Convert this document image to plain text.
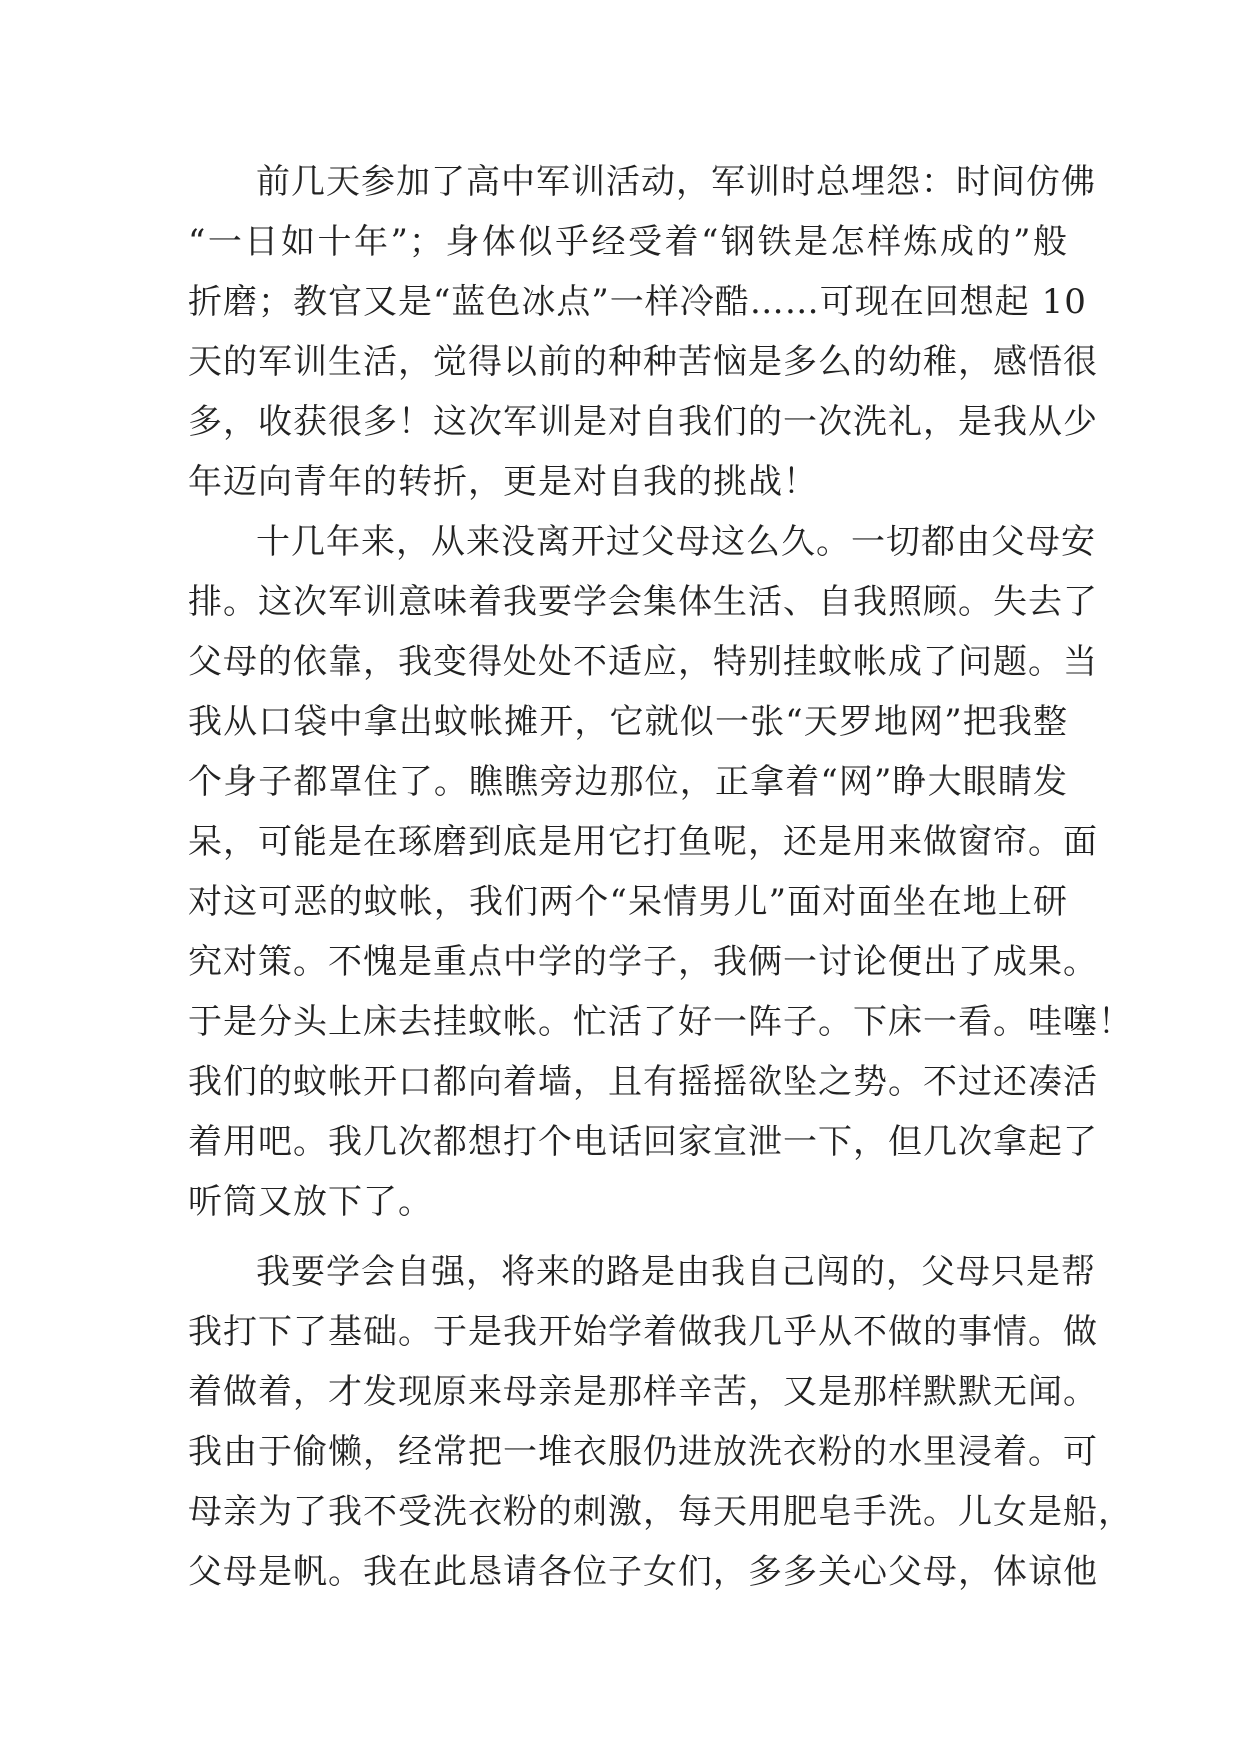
前几天参加了高中军训活动，军训时总埋怨：时间仿佛
“一日如十年”；身体似乎经受着“钢铁是怎样炼成的”般
折磨；教官又是“蓝色冰点”一样冷酷……可现在回想起 10
天的军训生活，觉得以前的种种苦恼是多么的幼稚，感悟很
多，收获很多！这次军训是对自我们的一次洗礼，是我从少
年迈向青年的转折，更是对自我的挑战！
十几年来，从来没离开过父母这么久。一切都由父母安
排。这次军训意味着我要学会集体生活、自我照顾。失去了
父母的依靠，我变得处处不适应，特别挂蚊帐成了问题。当
我从口袋中拿出蚊帐摊开，它就似一张“天罗地网”把我整
个身子都罩住了。瞧瞧旁边那位，正拿着“网”睁大眼睛发
呆，可能是在琢磨到底是用它打鱼呢，还是用来做窗帘。面
对这可恶的蚊帐，我们两个“呆情男儿”面对面坐在地上研
究对策。不愧是重点中学的学子，我俩一讨论便出了成果。
于是分头上床去挂蚊帐。忙活了好一阵子。下床一看。哇噻！
我们的蚊帐开口都向着墙，且有摇摇欲坠之势。不过还凑活
着用吧。我几次都想打个电话回家宣泄一下，但几次拿起了
听筒又放下了。
我要学会自强，将来的路是由我自己闯的，父母只是帮
我打下了基础。于是我开始学着做我几乎从不做的事情。做
着做着，才发现原来母亲是那样辛苦，又是那样默默无闻。
我由于偷懒，经常把一堆衣服仍进放洗衣粉的水里浸着。可
母亲为了我不受洗衣粉的刺激，每天用肥皂手洗。儿女是船，
父母是帆。我在此恳请各位子女们，多多关心父母，体谅他
